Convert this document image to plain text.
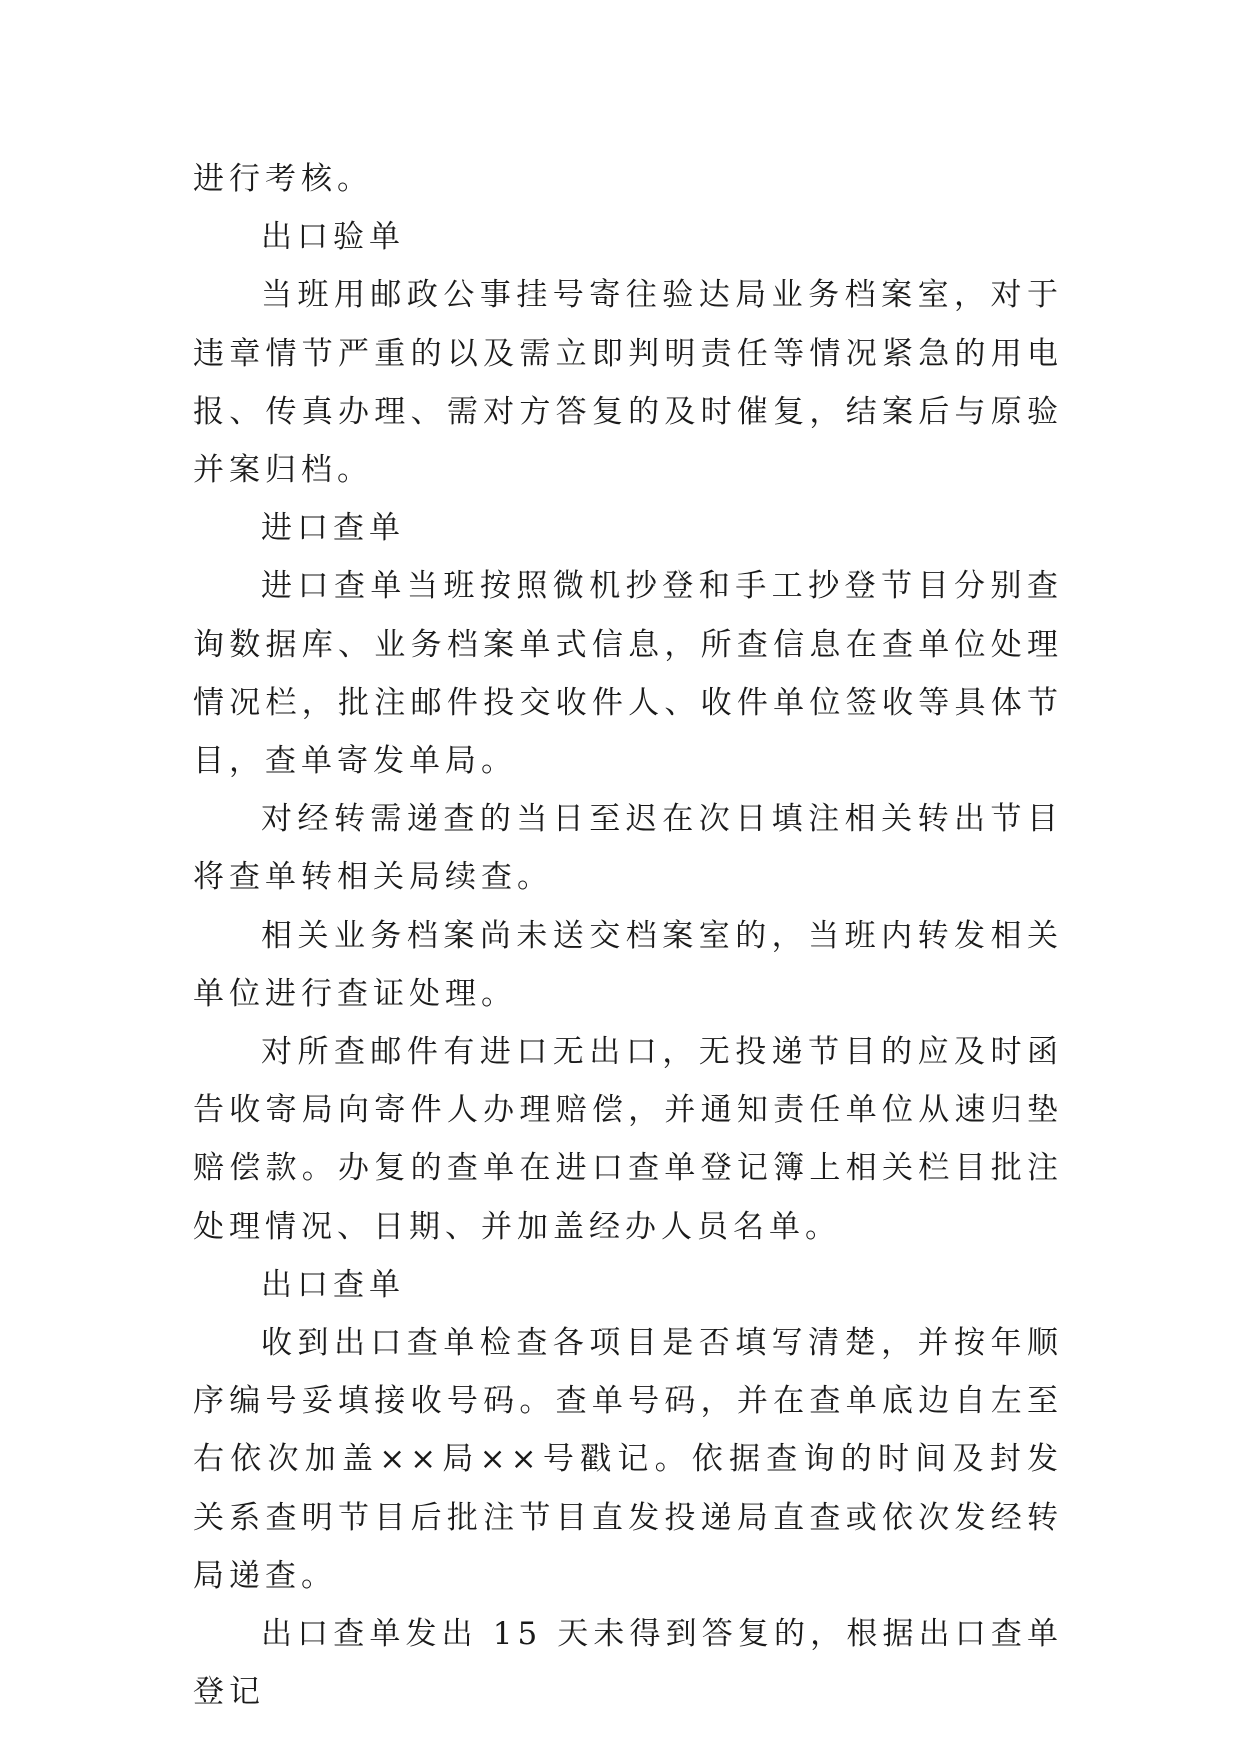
进行考核。

出口验单

当班用邮政公事挂号寄往验达局业务档案室，对于违章情节严重的以及需立即判明责任等情况紧急的用电报、传真办理、需对方答复的及时催复，结案后与原验并案归档。

进口查单

进口查单当班按照微机抄登和手工抄登节目分别查询数据库、业务档案单式信息，所查信息在查单位处理情况栏，批注邮件投交收件人、收件单位签收等具体节目，查单寄发单局。

对经转需递查的当日至迟在次日填注相关转出节目将查单转相关局续查。

相关业务档案尚未送交档案室的，当班内转发相关单位进行查证处理。

对所查邮件有进口无出口，无投递节目的应及时函告收寄局向寄件人办理赔偿，并通知责任单位从速归垫赔偿款。办复的查单在进口查单登记簿上相关栏目批注处理情况、日期、并加盖经办人员名单。

出口查单

收到出口查单检查各项目是否填写清楚，并按年顺序编号妥填接收号码。查单号码，并在查单底边自左至右依次加盖××局××号戳记。依据查询的时间及封发关系查明节目后批注节目直发投递局直查或依次发经转局递查。

出口查单发出 15 天未得到答复的，根据出口查单登记
